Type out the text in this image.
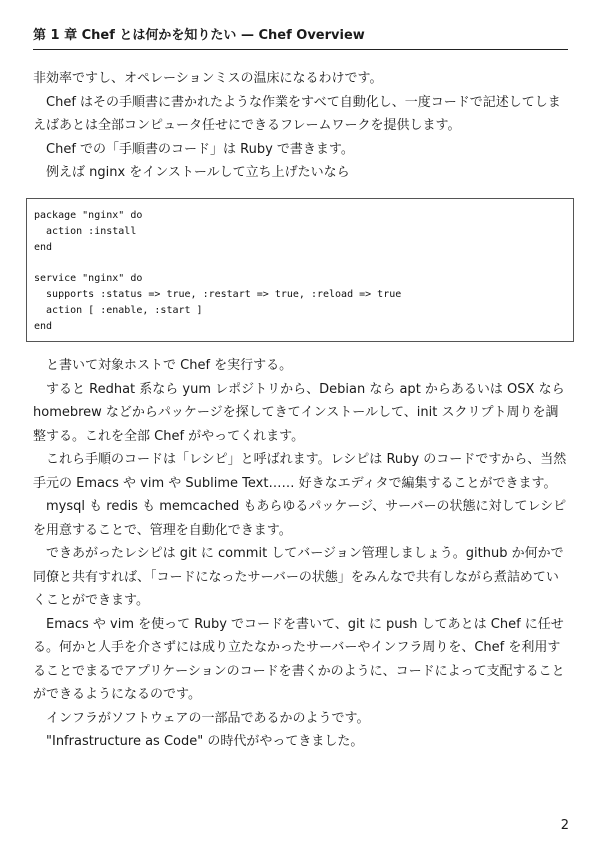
第 1 章 Chef とは何かを知りたい — Chef Overview

非効率ですし、オペレーションミスの温床になるわけです。

Chef はその手順書に書かれたような作業をすべて自動化し、一度コードで記述してしまえばあとは全部コンピュータ任せにできるフレームワークを提供します。

Chef での「手順書のコード」は Ruby で書きます。

例えば nginx をインストールして立ち上げたいなら

package "nginx" do
action :install
end
service "nginx" do
supports :status => true, :restart => true, :reload => true
action [ :enable, :start ]
end

と書いて対象ホストで Chef を実行する。

すると Redhat 系なら yum レポジトリから、Debian なら apt からあるいは OSX なら homebrew などからパッケージを探してきてインストールして、init スクリプト周りを調整する。これを全部 Chef がやってくれます。

これら手順のコードは「レシピ」と呼ばれます。レシピは Ruby のコードですから、当然手元の Emacs や vim や Sublime Text…… 好きなエディタで編集することができます。

mysql も redis も memcached もあらゆるパッケージ、サーバーの状態に対してレシピを用意することで、管理を自動化できます。

できあがったレシピは git に commit してバージョン管理しましょう。github か何かで同僚と共有すれば、「コードになったサーバーの状態」をみんなで共有しながら煮詰めていくことができます。

Emacs や vim を使って Ruby でコードを書いて、git に push してあとは Chef に任せる。何かと人手を介さずには成り立たなかったサーバーやインフラ周りを、Chef を利用することでまるでアプリケーションのコードを書くかのように、コードによって支配することができるようになるのです。

インフラがソフトウェアの一部品であるかのようです。

"Infrastructure as Code" の時代がやってきました。

2
